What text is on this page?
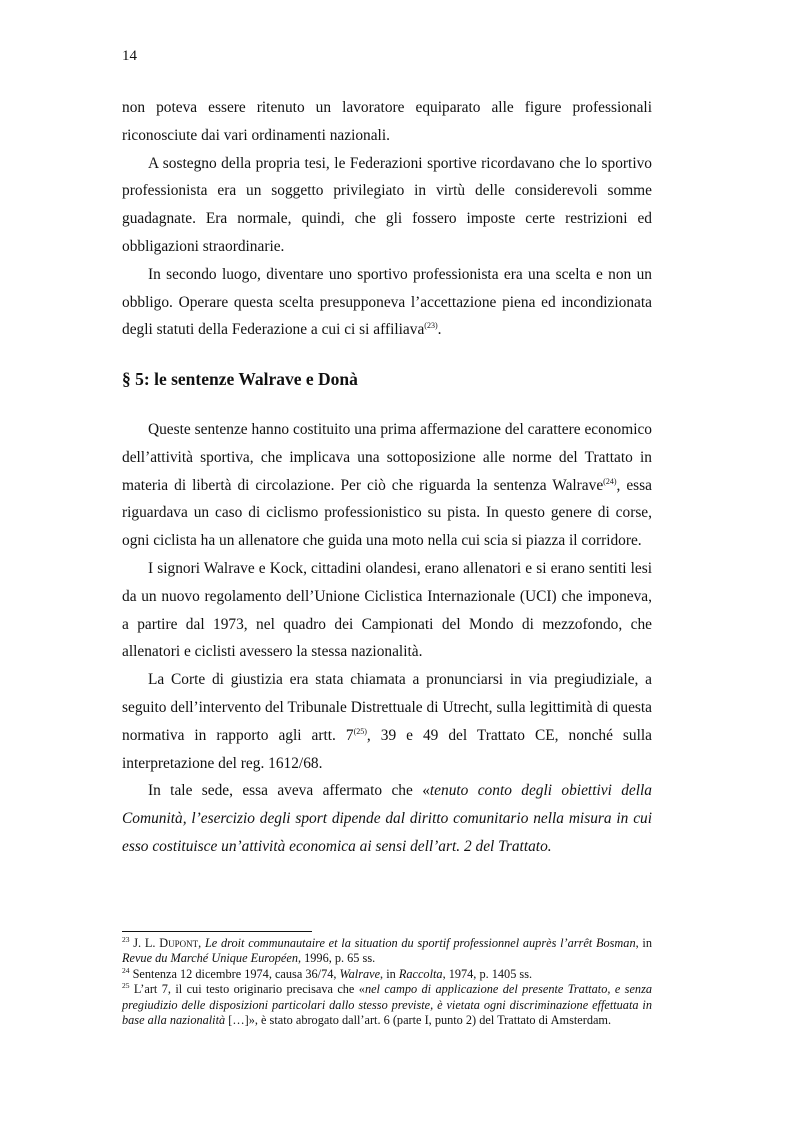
14

non poteva essere ritenuto un lavoratore equiparato alle figure professionali riconosciute dai vari ordinamenti nazionali.

A sostegno della propria tesi, le Federazioni sportive ricordavano che lo sportivo professionista era un soggetto privilegiato in virtù delle considerevoli somme guadagnate. Era normale, quindi, che gli fossero imposte certe restrizioni ed obbligazioni straordinarie.

In secondo luogo, diventare uno sportivo professionista era una scelta e non un obbligo. Operare questa scelta presupponeva l’accettazione piena ed incondizionata degli statuti della Federazione a cui ci si affiliava$^{(23)}$.

§ 5: le sentenze Walrave e Donà

Queste sentenze hanno costituito una prima affermazione del carattere economico dell’attività sportiva, che implicava una sottoposizione alle norme del Trattato in materia di libertà di circolazione. Per ciò che riguarda la sentenza Walrave$^{(24)}$, essa riguardava un caso di ciclismo professionistico su pista. In questo genere di corse, ogni ciclista ha un allenatore che guida una moto nella cui scia si piazza il corridore.

I signori Walrave e Kock, cittadini olandesi, erano allenatori e si erano sentiti lesi da un nuovo regolamento dell’Unione Ciclistica Internazionale (UCI) che imponeva, a partire dal 1973, nel quadro dei Campionati del Mondo di mezzofondo, che allenatori e ciclisti avessero la stessa nazionalità.

La Corte di giustizia era stata chiamata a pronunciarsi in via pregiudiziale, a seguito dell’intervento del Tribunale Distrettuale di Utrecht, sulla legittimità di questa normativa in rapporto agli artt. 7$^{(25)}$, 39 e 49 del Trattato CE, nonché sulla interpretazione del reg. 1612/68.

In tale sede, essa aveva affermato che «tenuto conto degli obiettivi della Comunità, l’esercizio degli sport dipende dal diritto comunitario nella misura in cui esso costituisce un’attività economica ai sensi dell’art. 2 del Trattato.

$^{23}$ J. L. Dupont, Le droit communautaire et la situation du sportif professionnel auprès l’arrêt Bosman, in Revue du Marché Unique Européen, 1996, p. 65 ss.

$^{24}$ Sentenza 12 dicembre 1974, causa 36/74, Walrave, in Raccolta, 1974, p. 1405 ss.

$^{25}$ L’art 7, il cui testo originario precisava che «nel campo di applicazione del presente Trattato, e senza pregiudizio delle disposizioni particolari dallo stesso previste, è vietata ogni discriminazione effettuata in base alla nazionalità […]», è stato abrogato dall’art. 6 (parte I, punto 2) del Trattato di Amsterdam.
